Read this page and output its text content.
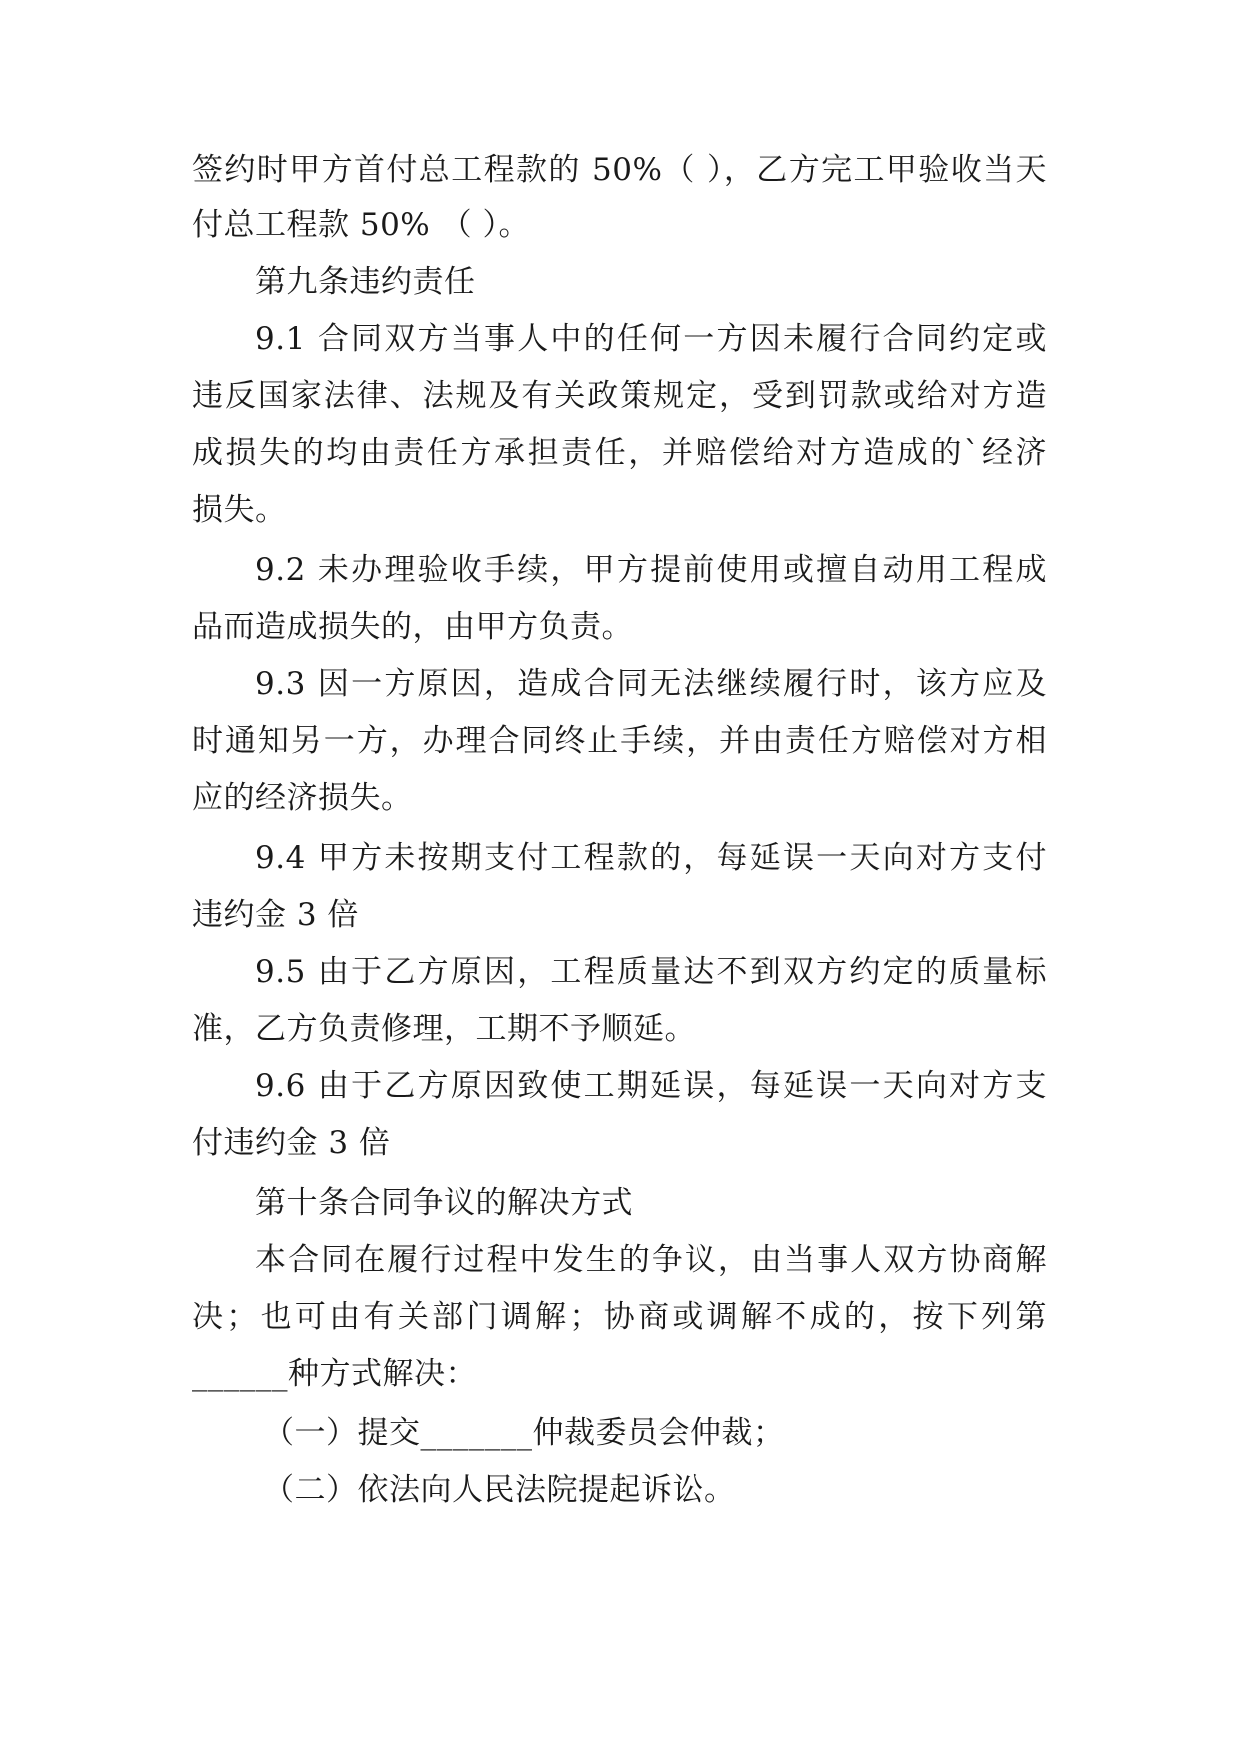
签约时甲方首付总工程款的 50%（ ），乙方完工甲验收当天
付总工程款 50% （ ）。
第九条违约责任
9.1 合同双方当事人中的任何一方因未履行合同约定或
违反国家法律、法规及有关政策规定，受到罚款或给对方造
成损失的均由责任方承担责任，并赔偿给对方造成的`经济
损失。
9.2 未办理验收手续，甲方提前使用或擅自动用工程成
品而造成损失的，由甲方负责。
9.3 因一方原因，造成合同无法继续履行时，该方应及
时通知另一方，办理合同终止手续，并由责任方赔偿对方相
应的经济损失。
9.4 甲方未按期支付工程款的，每延误一天向对方支付
违约金 3 倍
9.5 由于乙方原因，工程质量达不到双方约定的质量标
准，乙方负责修理，工期不予顺延。
9.6 由于乙方原因致使工期延误，每延误一天向对方支
付违约金 3 倍
第十条合同争议的解决方式
本合同在履行过程中发生的争议，由当事人双方协商解
决；也可由有关部门调解；协商或调解不成的，按下列第
______种方式解决：
（一）提交_______仲裁委员会仲裁；
（二）依法向人民法院提起诉讼。
